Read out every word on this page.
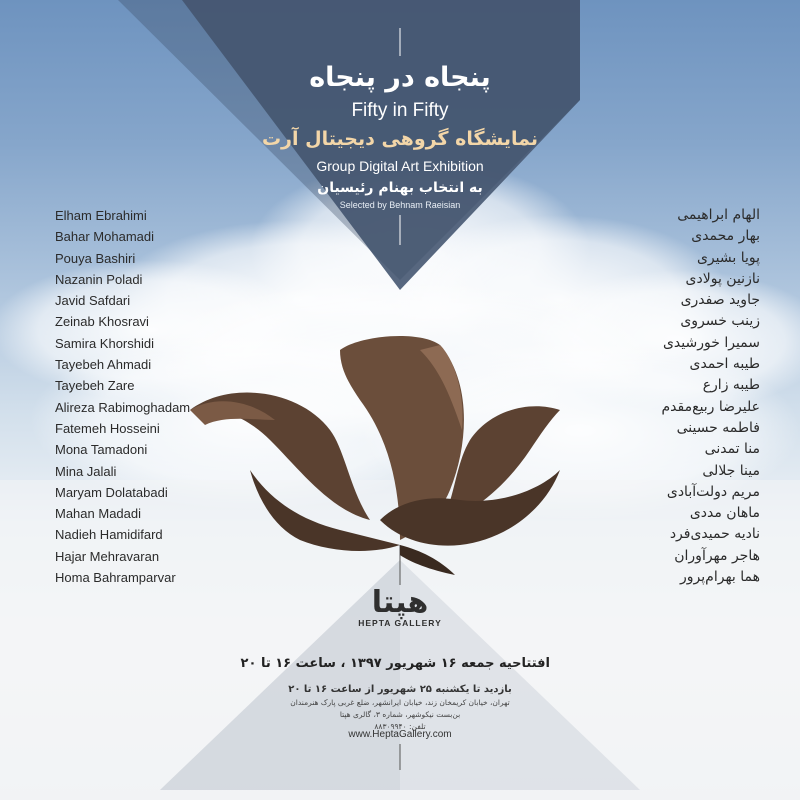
پنجاه در پنجاه
Fifty in Fifty
نمایشگاه گروهی دیجیتال آرت
Group Digital Art Exhibition
به انتخاب بهنام رئیسیان
Selected by Behnam Raeisian
Elham Ebrahimi
Bahar Mohamadi
Pouya Bashiri
Nazanin Poladi
Javid Safdari
Zeinab Khosravi
Samira Khorshidi
Tayebeh Ahmadi
Tayebeh Zare
Alireza Rabimoghadam
Fatemeh Hosseini
Mona Tamadoni
Mina Jalali
Maryam Dolatabadi
Mahan Madadi
Nadieh Hamidifard
Hajar Mehravaran
Homa Bahramparvar
الهام ابراهیمی
بهار محمدی
پویا بشیری
نازنین پولادی
جاوید صفدری
زینب خسروی
سمیرا خورشیدی
طیبه احمدی
طیبه زارع
علیرضا ربیع‌مقدم
فاطمه حسینی
منا تمدنی
مینا جلالی
مریم دولت‌آبادی
ماهان مددی
نادیه حمیدی‌فرد
هاجر مهرآوران
هما بهرام‌پرور
هپتا
HEPTA GALLERY
افتتاحیه جمعه ۱۶ شهریور ۱۳۹۷ ، ساعت ۱۶ تا ۲۰
بازدید تا یکشنبه ۲۵ شهریور از ساعت ۱۶ تا ۲۰
تهران، خیابان کریمخان زند، خیابان ایرانشهر، ضلع غربی پارک هنرمندان
بن‌بست نیکوشهر، شماره ۳، گالری هپتا
تلفن: ۸۸۳۰۹۹۴۰
www.HeptaGallery.com
